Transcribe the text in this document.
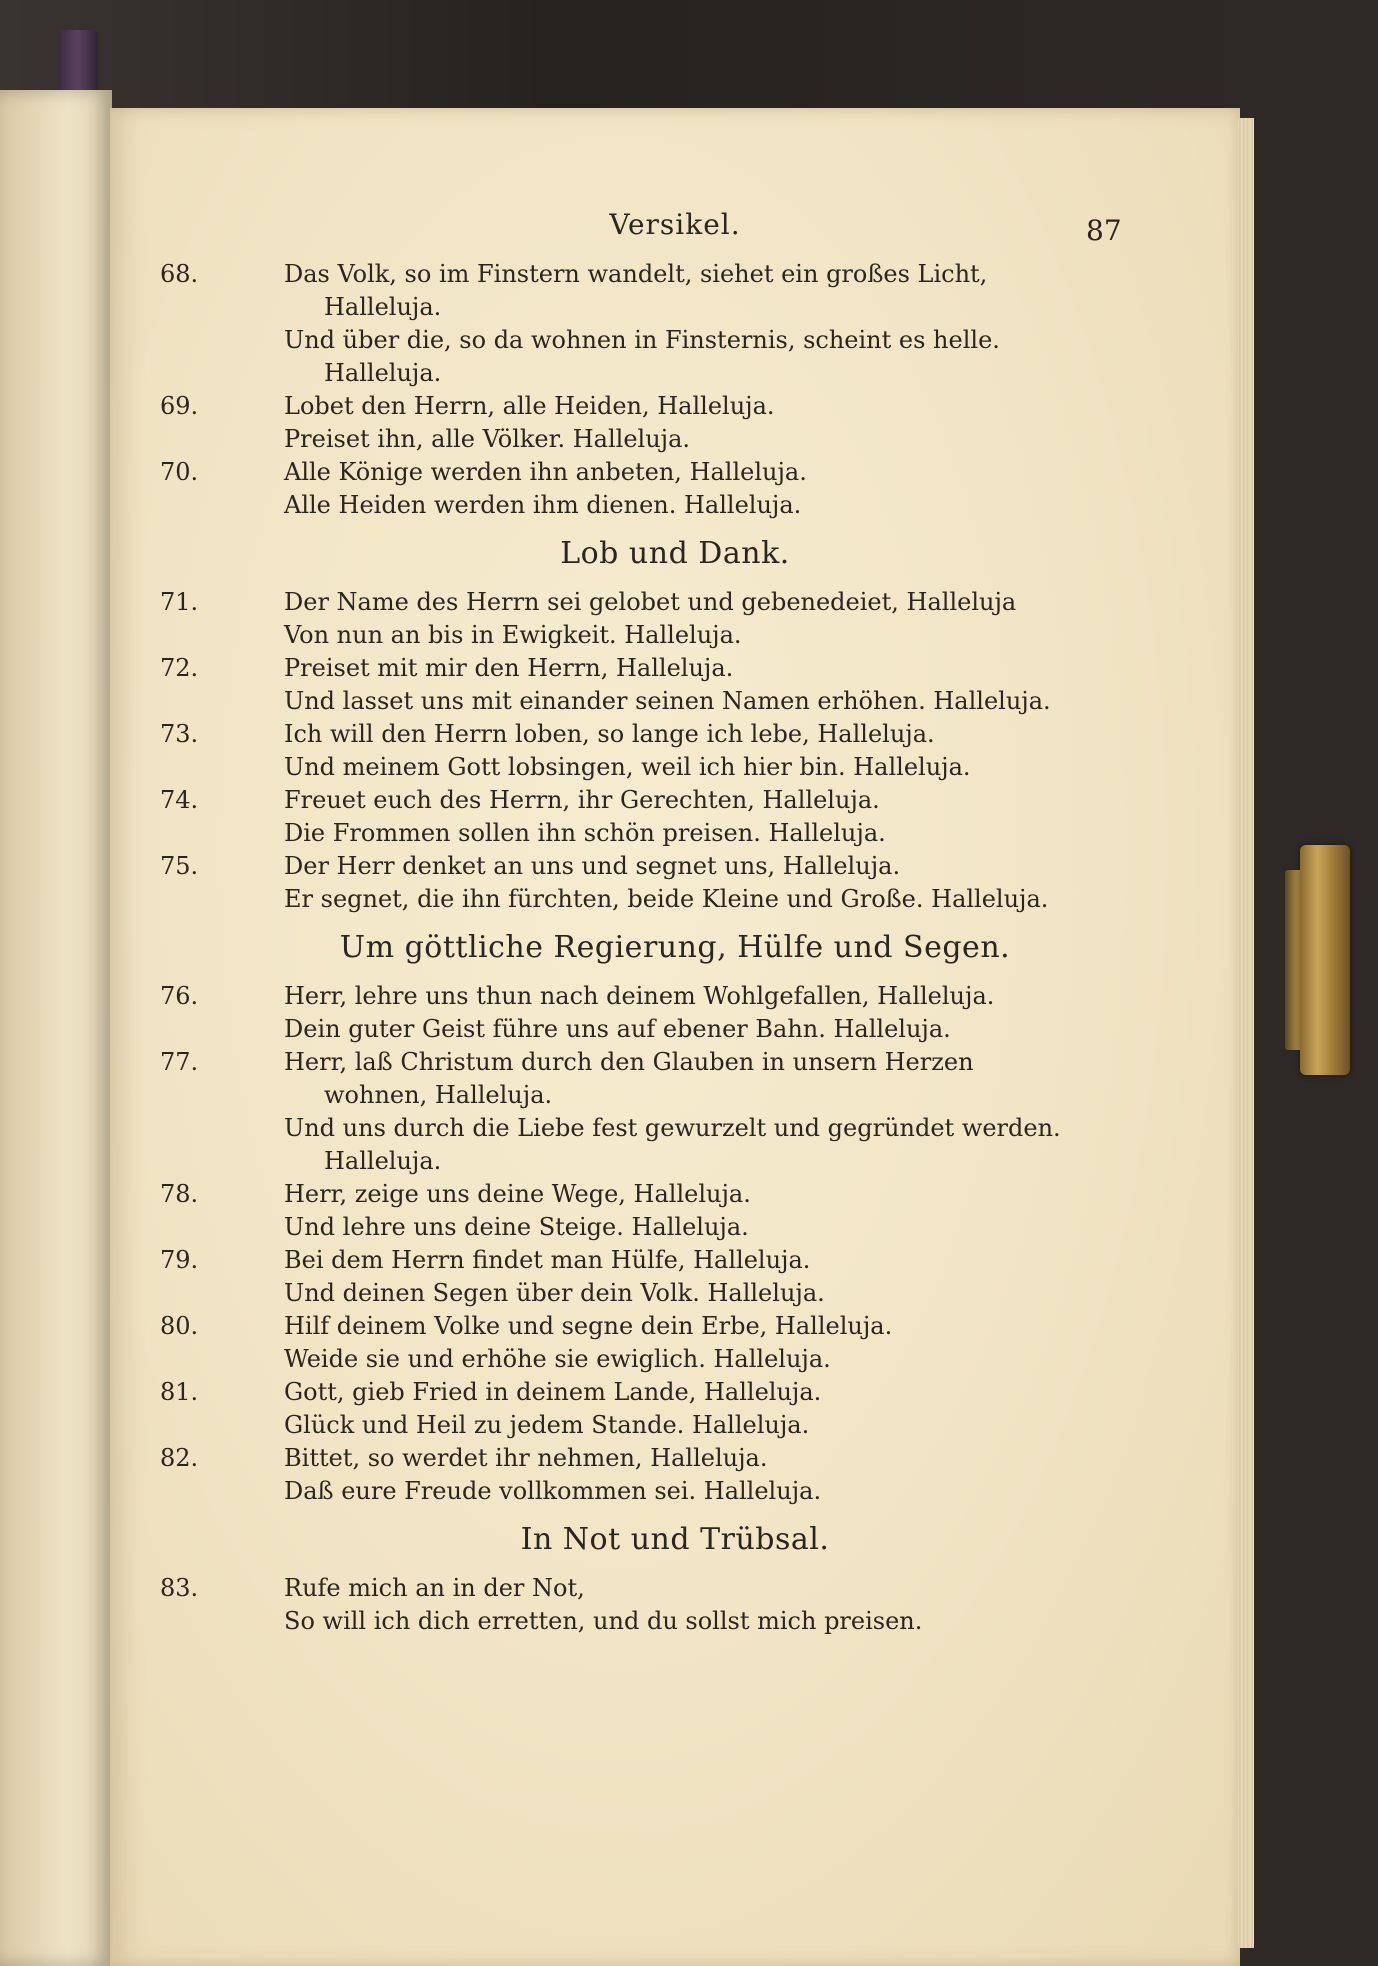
Versikel.	87
68.	Das Volk, so im Finstern wandelt, siehet ein großes Licht,
Halleluja.
Und über die, so da wohnen in Finsternis, scheint es helle.
Halleluja.
69.	Lobet den Herrn, alle Heiden, Halleluja.
Preiset ihn, alle Völker. Halleluja.
70.	Alle Könige werden ihn anbeten, Halleluja.
Alle Heiden werden ihm dienen. Halleluja.
Lob und Dank.
71.	Der Name des Herrn sei gelobet und gebenedeiet, Halleluja
Von nun an bis in Ewigkeit. Halleluja.
72.	Preiset mit mir den Herrn, Halleluja.
Und lasset uns mit einander seinen Namen erhöhen. Halleluja.
73.	Ich will den Herrn loben, so lange ich lebe, Halleluja.
Und meinem Gott lobsingen, weil ich hier bin. Halleluja.
74.	Freuet euch des Herrn, ihr Gerechten, Halleluja.
Die Frommen sollen ihn schön preisen. Halleluja.
75.	Der Herr denket an uns und segnet uns, Halleluja.
Er segnet, die ihn fürchten, beide Kleine und Große. Halleluja.
Um göttliche Regierung, Hülfe und Segen.
76.	Herr, lehre uns thun nach deinem Wohlgefallen, Halleluja.
Dein guter Geist führe uns auf ebener Bahn. Halleluja.
77.	Herr, laß Christum durch den Glauben in unsern Herzen
wohnen, Halleluja.
Und uns durch die Liebe fest gewurzelt und gegründet werden.
Halleluja.
78.	Herr, zeige uns deine Wege, Halleluja.
Und lehre uns deine Steige. Halleluja.
79.	Bei dem Herrn findet man Hülfe, Halleluja.
Und deinen Segen über dein Volk. Halleluja.
80.	Hilf deinem Volke und segne dein Erbe, Halleluja.
Weide sie und erhöhe sie ewiglich. Halleluja.
81.	Gott, gieb Fried in deinem Lande, Halleluja.
Glück und Heil zu jedem Stande. Halleluja.
82.	Bittet, so werdet ihr nehmen, Halleluja.
Daß eure Freude vollkommen sei. Halleluja.
In Not und Trübsal.
83.	Rufe mich an in der Not,
So will ich dich erretten, und du sollst mich preisen.
